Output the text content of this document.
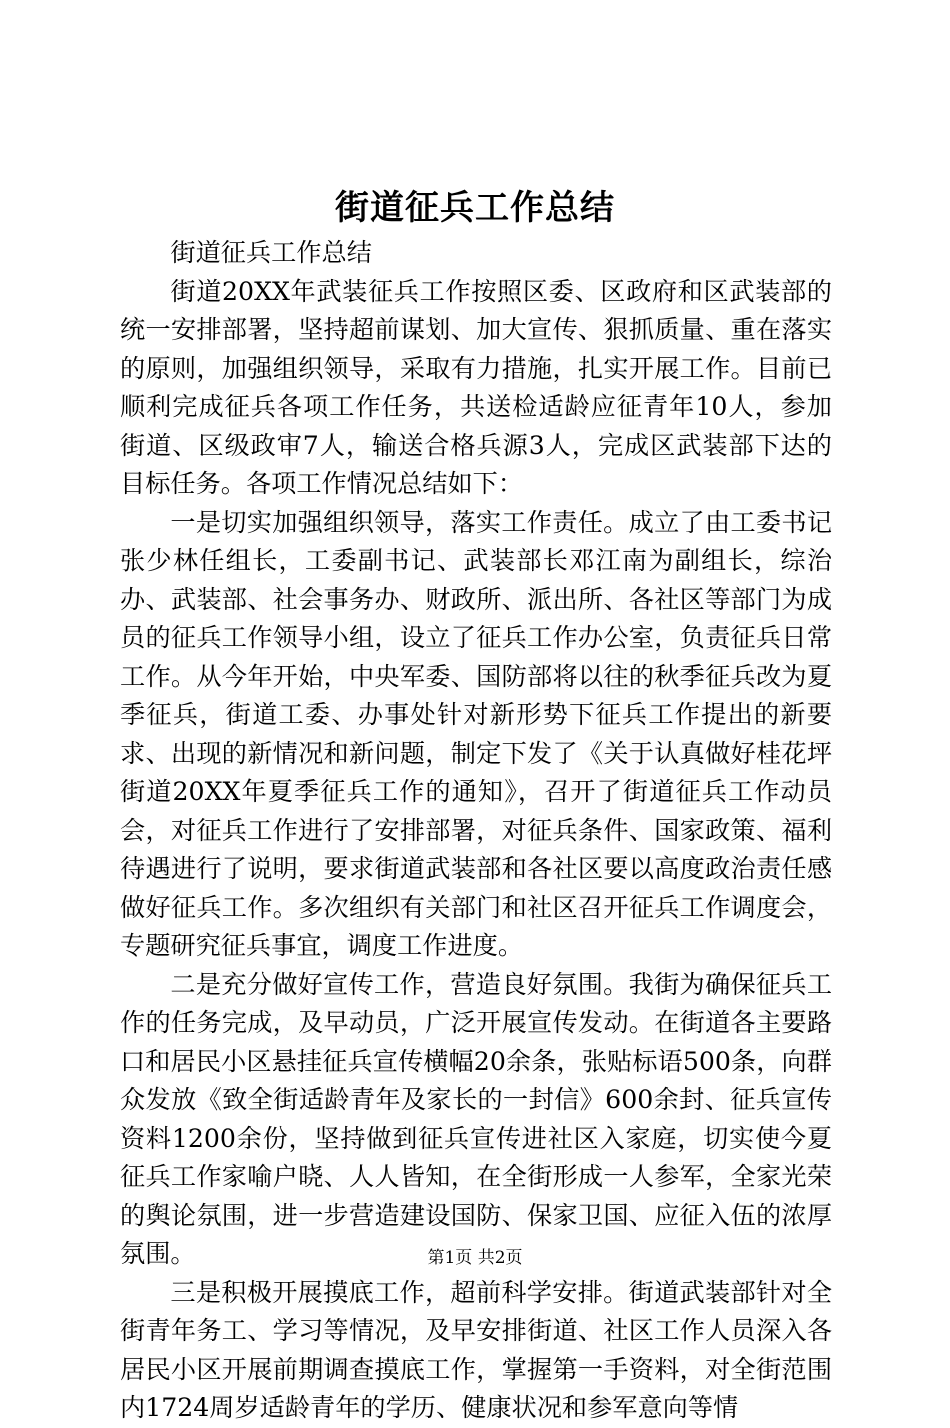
街道征兵工作总结

街道征兵工作总结

街道20XX年武装征兵工作按照区委、区政府和区武装部的统一安排部署，坚持超前谋划、加大宣传、狠抓质量、重在落实的原则，加强组织领导，采取有力措施，扎实开展工作。目前已顺利完成征兵各项工作任务，共送检适龄应征青年10人，参加街道、区级政审7人，输送合格兵源3人，完成区武装部下达的目标任务。各项工作情况总结如下：

一是切实加强组织领导，落实工作责任。成立了由工委书记张少林任组长，工委副书记、武装部长邓江南为副组长，综治办、武装部、社会事务办、财政所、派出所、各社区等部门为成员的征兵工作领导小组，设立了征兵工作办公室，负责征兵日常工作。从今年开始，中央军委、国防部将以往的秋季征兵改为夏季征兵，街道工委、办事处针对新形势下征兵工作提出的新要求、出现的新情况和新问题，制定下发了《关于认真做好桂花坪街道20XX年夏季征兵工作的通知》，召开了街道征兵工作动员会，对征兵工作进行了安排部署，对征兵条件、国家政策、福利待遇进行了说明，要求街道武装部和各社区要以高度政治责任感做好征兵工作。多次组织有关部门和社区召开征兵工作调度会，专题研究征兵事宜，调度工作进度。

二是充分做好宣传工作，营造良好氛围。我街为确保征兵工作的任务完成，及早动员，广泛开展宣传发动。在街道各主要路口和居民小区悬挂征兵宣传横幅20余条，张贴标语500条，向群众发放《致全街适龄青年及家长的一封信》600余封、征兵宣传资料1200余份，坚持做到征兵宣传进社区入家庭，切实使今夏征兵工作家喻户晓、人人皆知，在全街形成一人参军，全家光荣的舆论氛围，进一步营造建设国防、保家卫国、应征入伍的浓厚氛围。

三是积极开展摸底工作，超前科学安排。街道武装部针对全街青年务工、学习等情况，及早安排街道、社区工作人员深入各居民小区开展前期调查摸底工作，掌握第一手资料，对全街范围内1724周岁适龄青年的学历、健康状况和参军意向等情

第1页 共2页
